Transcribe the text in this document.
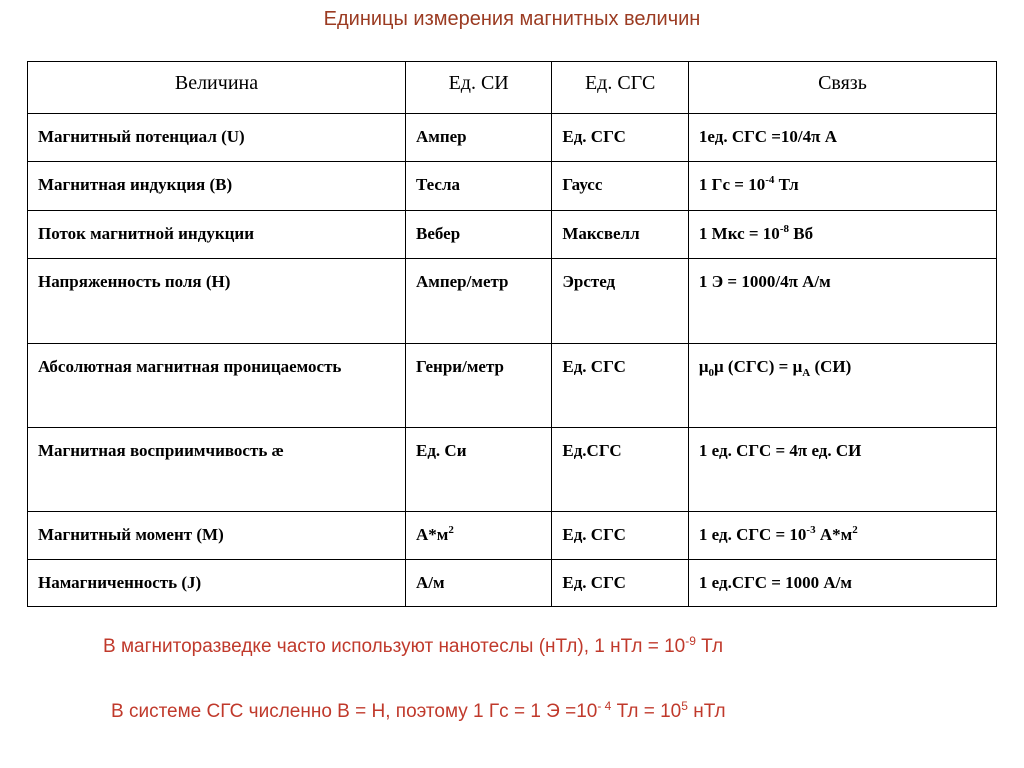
Единицы измерения магнитных величин
Величина	Ед. СИ	Ед. СГС	Связь
Магнитный потенциал (U)	Ампер	Ед. СГС	1ед. СГС =10/4π А
Магнитная индукция (В)	Тесла	Гаусс	1 Гс = $10^{-4}$ Тл
Поток магнитной индукции	Вебер	Максвелл	1 Мкс = $10^{-8}$ Вб
Напряженность поля (Н)	Ампер/метр	Эрстед	1 Э = 1000/4π А/м
Абсолютная магнитная проницаемость	Генри/метр	Ед. СГС	$\mu_0\mu$ $(СГС) = \mu_A$ (СИ)
Магнитная восприимчивость æ	Ед. Си	Ед.СГС	1 ед. СГС = 4π ед. СИ
Магнитный момент (М)	$А*м^2$	Ед. СГС	1 ед. СГС = $10^{-3}$ $А*м^2$
Намагниченность (J)	А/м	Ед. СГС	1 ед.СГС = 1000 А/м
В магниторазведке часто используют нанотеслы (нТл), 1 нТл = $10^{-9}$ Тл
В системе СГС численно В = Н, поэтому 1 Гс = 1 $Э =10^{- 4}$ Тл = $10^5$ нТл
